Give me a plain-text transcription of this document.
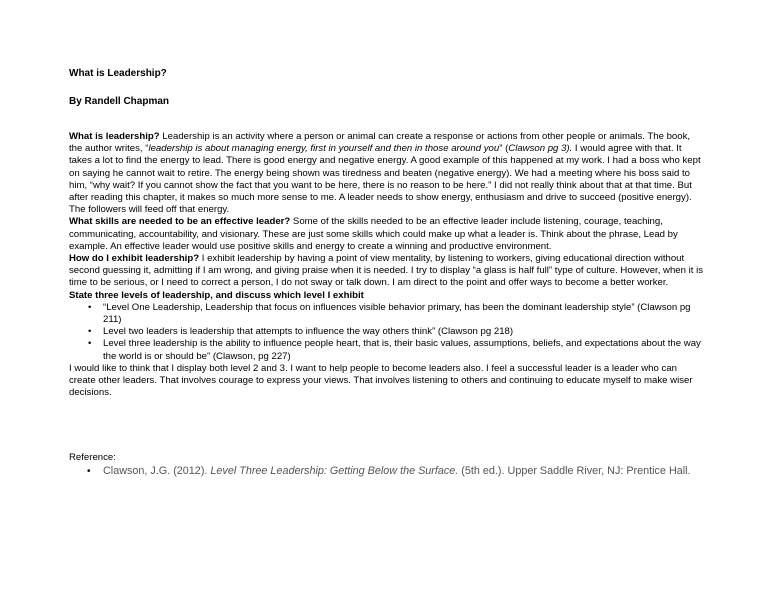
What is Leadership?
By Randell Chapman

What is leadership? Leadership is an activity where a person or animal can create a response or actions from other people or animals. The book, the author writes, “leadership is about managing energy, first in yourself and then in those around you” (Clawson pg 3). I would agree with that. It takes a lot to find the energy to lead. There is good energy and negative energy. A good example of this happened at my work. I had a boss who kept on saying he cannot wait to retire. The energy being shown was tiredness and beaten (negative energy). We had a meeting where his boss said to him, “why wait? If you cannot show the fact that you want to be here, there is no reason to be here.” I did not really think about that at that time. But after reading this chapter, it makes so much more sense to me. A leader needs to show energy, enthusiasm and drive to succeed (positive energy). The followers will feed off that energy.

What skills are needed to be an effective leader? Some of the skills needed to be an effective leader include listening, courage, teaching, communicating, accountability, and visionary. These are just some skills which could make up what a leader is. Think about the phrase, Lead by example. An effective leader would use positive skills and energy to create a winning and productive environment.

How do I exhibit leadership? I exhibit leadership by having a point of view mentality, by listening to workers, giving educational direction without second guessing it, admitting if I am wrong, and giving praise when it is needed. I try to display “a glass is half full” type of culture. However, when it is time to be serious, or I need to correct a person, I do not sway or talk down. I am direct to the point and offer ways to become a better worker.

State three levels of leadership, and discuss which level I exhibit

• “Level One Leadership, Leadership that focus on influences visible behavior primary, has been the dominant leadership style” (Clawson pg 211)
• Level two leaders is leadership that attempts to influence the way others think” (Clawson pg 218)
• Level three leadership is the ability to influence people heart, that is, their basic values, assumptions, beliefs, and expectations about the way the world is or should be” (Clawson, pg 227)

I would like to think that I display both level 2 and 3. I want to help people to become leaders also. I feel a successful leader is a leader who can create other leaders. That involves courage to express your views. That involves listening to others and continuing to educate myself to make wiser decisions.

Reference:
• Clawson, J.G. (2012). Level Three Leadership: Getting Below the Surface. (5th ed.). Upper Saddle River, NJ: Prentice Hall.
